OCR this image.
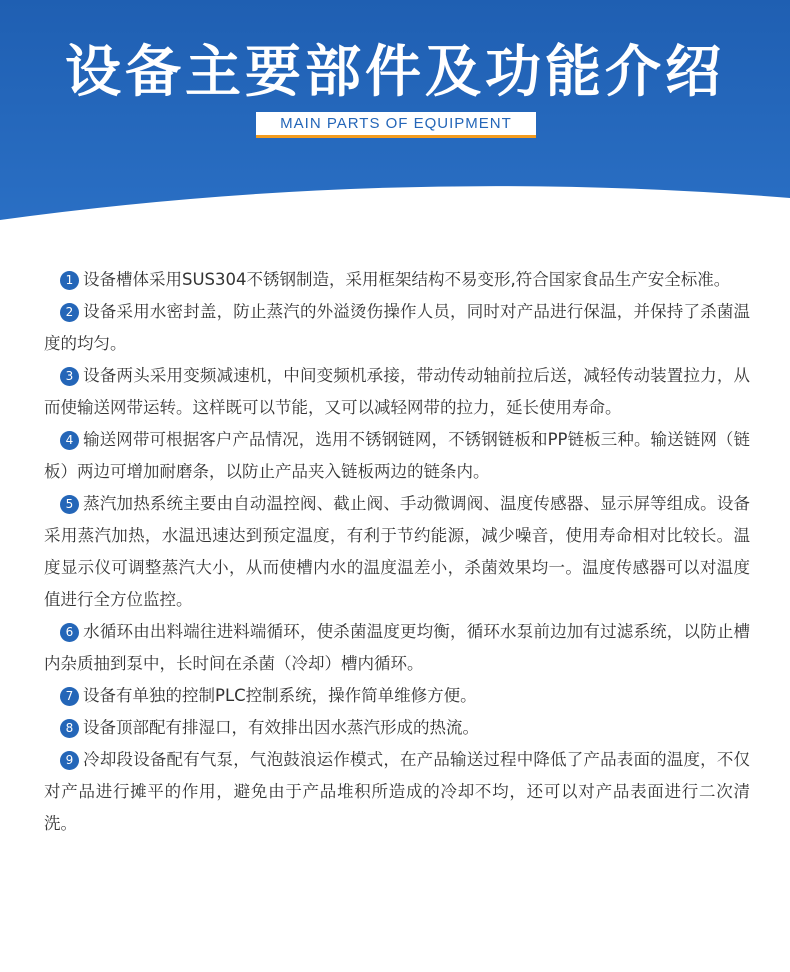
设备主要部件及功能介绍
MAIN PARTS OF EQUIPMENT
1 设备槽体采用SUS304不锈钢制造，采用框架结构不易变形,符合国家食品生产安全标准。
2 设备采用水密封盖，防止蒸汽的外溢烫伤操作人员，同时对产品进行保温，并保持了杀菌温度的均匀。
3 设备两头采用变频减速机，中间变频机承接，带动传动轴前拉后送，减轻传动装置拉力，从而使输送网带运转。这样既可以节能，又可以减轻网带的拉力，延长使用寿命。
4 输送网带可根据客户产品情况，选用不锈钢链网，不锈钢链板和PP链板三种。输送链网（链板）两边可增加耐磨条，以防止产品夹入链板两边的链条内。
5 蒸汽加热系统主要由自动温控阀、截止阀、手动微调阀、温度传感器、显示屏等组成。设备采用蒸汽加热，水温迅速达到预定温度，有利于节约能源，减少噪音，使用寿命相对比较长。温度显示仪可调整蒸汽大小，从而使槽内水的温度温差小，杀菌效果均一。温度传感器可以对温度值进行全方位监控。
6 水循环由出料端往进料端循环，使杀菌温度更均衡，循环水泵前边加有过滤系统，以防止槽内杂质抽到泵中，长时间在杀菌（冷却）槽内循环。
7 设备有单独的控制PLC控制系统，操作简单维修方便。
8 设备顶部配有排湿口，有效排出因水蒸汽形成的热流。
9 冷却段设备配有气泵，气泡鼓浪运作模式，在产品输送过程中降低了产品表面的温度，不仅对产品进行摊平的作用，避免由于产品堆积所造成的冷却不均，还可以对产品表面进行二次清洗。
